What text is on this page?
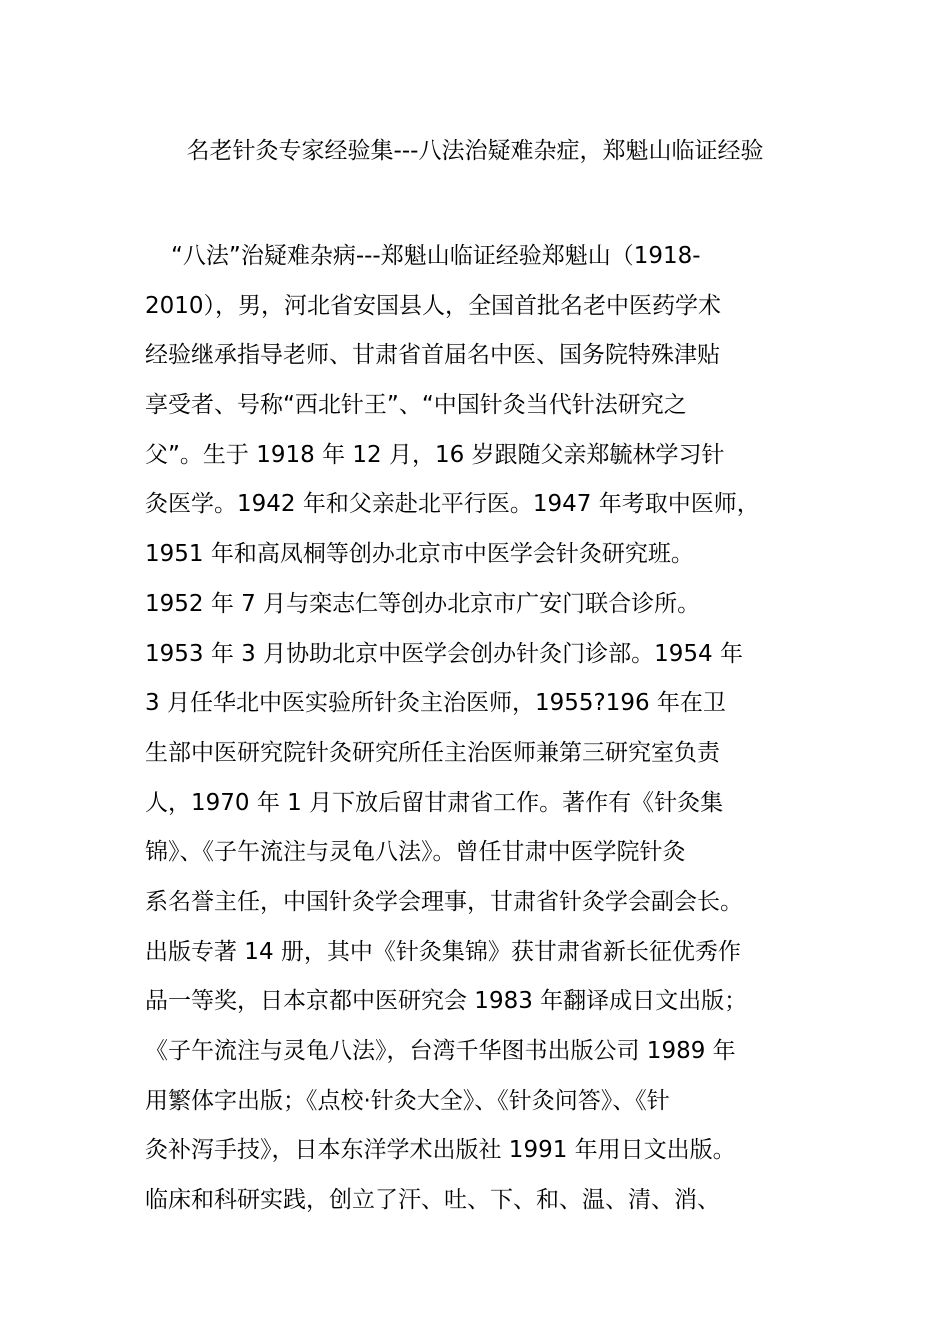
名老针灸专家经验集---八法治疑难杂症，郑魁山临证经验
“八法”治疑难杂病---郑魁山临证经验郑魁山（1918-
2010），男，河北省安国县人，全国首批名老中医药学术
经验继承指导老师、甘肃省首届名中医、国务院特殊津贴
享受者、号称“西北针王”、“中国针灸当代针法研究之
父”。生于 1918 年 12 月，16 岁跟随父亲郑毓林学习针
灸医学。1942 年和父亲赴北平行医。1947 年考取中医师，
1951 年和高凤桐等创办北京市中医学会针灸研究班。
1952 年 7 月与栾志仁等创办北京市广安门联合诊所。
1953 年 3 月协助北京中医学会创办针灸门诊部。1954 年
3 月任华北中医实验所针灸主治医师，1955?196 年在卫
生部中医研究院针灸研究所任主治医师兼第三研究室负责
人，1970 年 1 月下放后留甘肃省工作。著作有《针灸集
锦》、《子午流注与灵龟八法》。曾任甘肃中医学院针灸
系名誉主任，中国针灸学会理事，甘肃省针灸学会副会长。
出版专著 14 册，其中《针灸集锦》获甘肃省新长征优秀作
品一等奖，日本京都中医研究会 1983 年翻译成日文出版；
《子午流注与灵龟八法》，台湾千华图书出版公司 1989 年
用繁体字出版；《点校·针灸大全》、《针灸问答》、《针
灸补泻手技》，日本东洋学术出版社 1991 年用日文出版。
临床和科研实践，创立了汗、吐、下、和、温、清、消、
